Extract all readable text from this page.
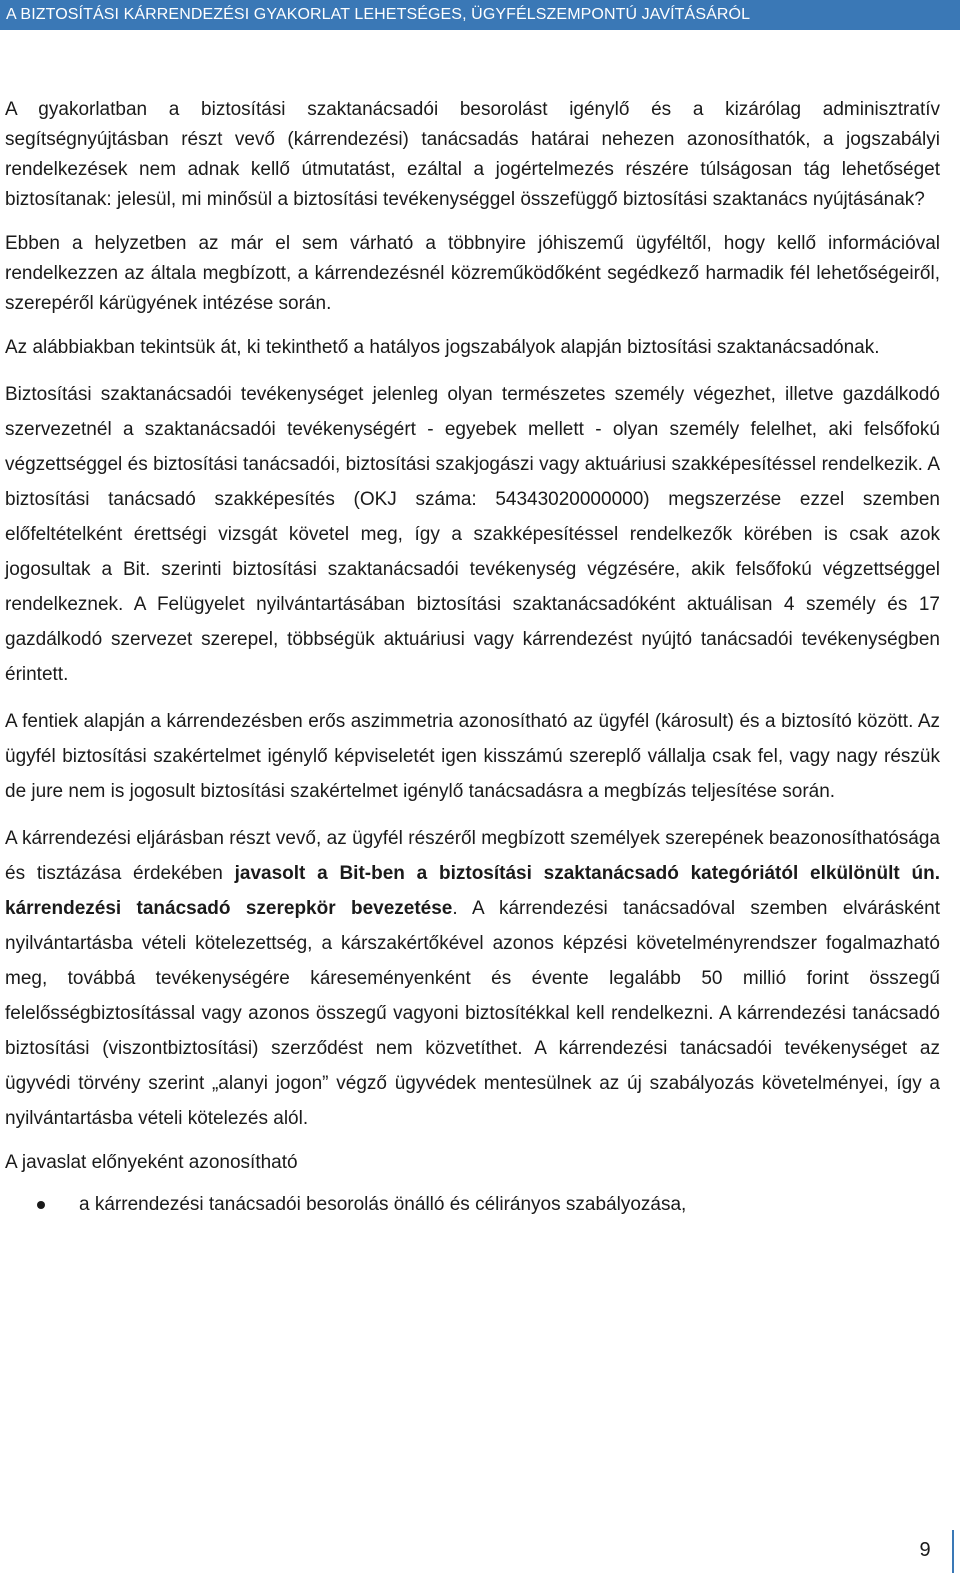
A BIZTOSÍTÁSI KÁRRENDEZÉSI GYAKORLAT LEHETSÉGES, ÜGYFÉLSZEMPONTÚ JAVÍTÁSÁRÓL

A gyakorlatban a biztosítási szaktanácsadói besorolást igénylő és a kizárólag adminisztratív segítségnyújtásban részt vevő (kárrendezési) tanácsadás határai nehezen azonosíthatók, a jogszabályi rendelkezések nem adnak kellő útmutatást, ezáltal a jogértelmezés részére túlságosan tág lehetőséget biztosítanak: jelesül, mi minősül a biztosítási tevékenységgel összefüggő biztosítási szaktanács nyújtásának?

Ebben a helyzetben az már el sem várható a többnyire jóhiszemű ügyféltől, hogy kellő információval rendelkezzen az általa megbízott, a kárrendezésnél közreműködőként segédkező harmadik fél lehetőségeiről, szerepéről kárügyének intézése során.

Az alábbiakban tekintsük át, ki tekinthető a hatályos jogszabályok alapján biztosítási szaktanácsadónak.

Biztosítási szaktanácsadói tevékenységet jelenleg olyan természetes személy végezhet, illetve gazdálkodó szervezetnél a szaktanácsadói tevékenységért - egyebek mellett - olyan személy felelhet, aki felsőfokú végzettséggel és biztosítási tanácsadói, biztosítási szakjogászi vagy aktuáriusi szakképesítéssel rendelkezik. A biztosítási tanácsadó szakképesítés (OKJ száma: 54343020000000) megszerzése ezzel szemben előfeltételként érettségi vizsgát követel meg, így a szakképesítéssel rendelkezők körében is csak azok jogosultak a Bit. szerinti biztosítási szaktanácsadói tevékenység végzésére, akik felsőfokú végzettséggel rendelkeznek. A Felügyelet nyilvántartásában biztosítási szaktanácsadóként aktuálisan 4 személy és 17 gazdálkodó szervezet szerepel, többségük aktuáriusi vagy kárrendezést nyújtó tanácsadói tevékenységben érintett.

A fentiek alapján a kárrendezésben erős aszimmetria azonosítható az ügyfél (károsult) és a biztosító között. Az ügyfél biztosítási szakértelmet igénylő képviseletét igen kisszámú szereplő vállalja csak fel, vagy nagy részük de jure nem is jogosult biztosítási szakértelmet igénylő tanácsadásra a megbízás teljesítése során.

A kárrendezési eljárásban részt vevő, az ügyfél részéről megbízott személyek szerepének beazonosíthatósága és tisztázása érdekében javasolt a Bit-ben a biztosítási szaktanácsadó kategóriától elkülönült ún. kárrendezési tanácsadó szerepkör bevezetése. A kárrendezési tanácsadóval szemben elvárásként nyilvántartásba vételi kötelezettség, a kárszakértőkével azonos képzési követelményrendszer fogalmazható meg, továbbá tevékenységére káreseményenként és évente legalább 50 millió forint összegű felelősségbiztosítással vagy azonos összegű vagyoni biztosítékkal kell rendelkezni. A kárrendezési tanácsadó biztosítási (viszontbiztosítási) szerződést nem közvetíthet. A kárrendezési tanácsadói tevékenységet az ügyvédi törvény szerint „alanyi jogon” végző ügyvédek mentesülnek az új szabályozás követelményei, így a nyilvántartásba vételi kötelezés alól.

A javaslat előnyeként azonosítható

a kárrendezési tanácsadói besorolás önálló és célirányos szabályozása,
9
